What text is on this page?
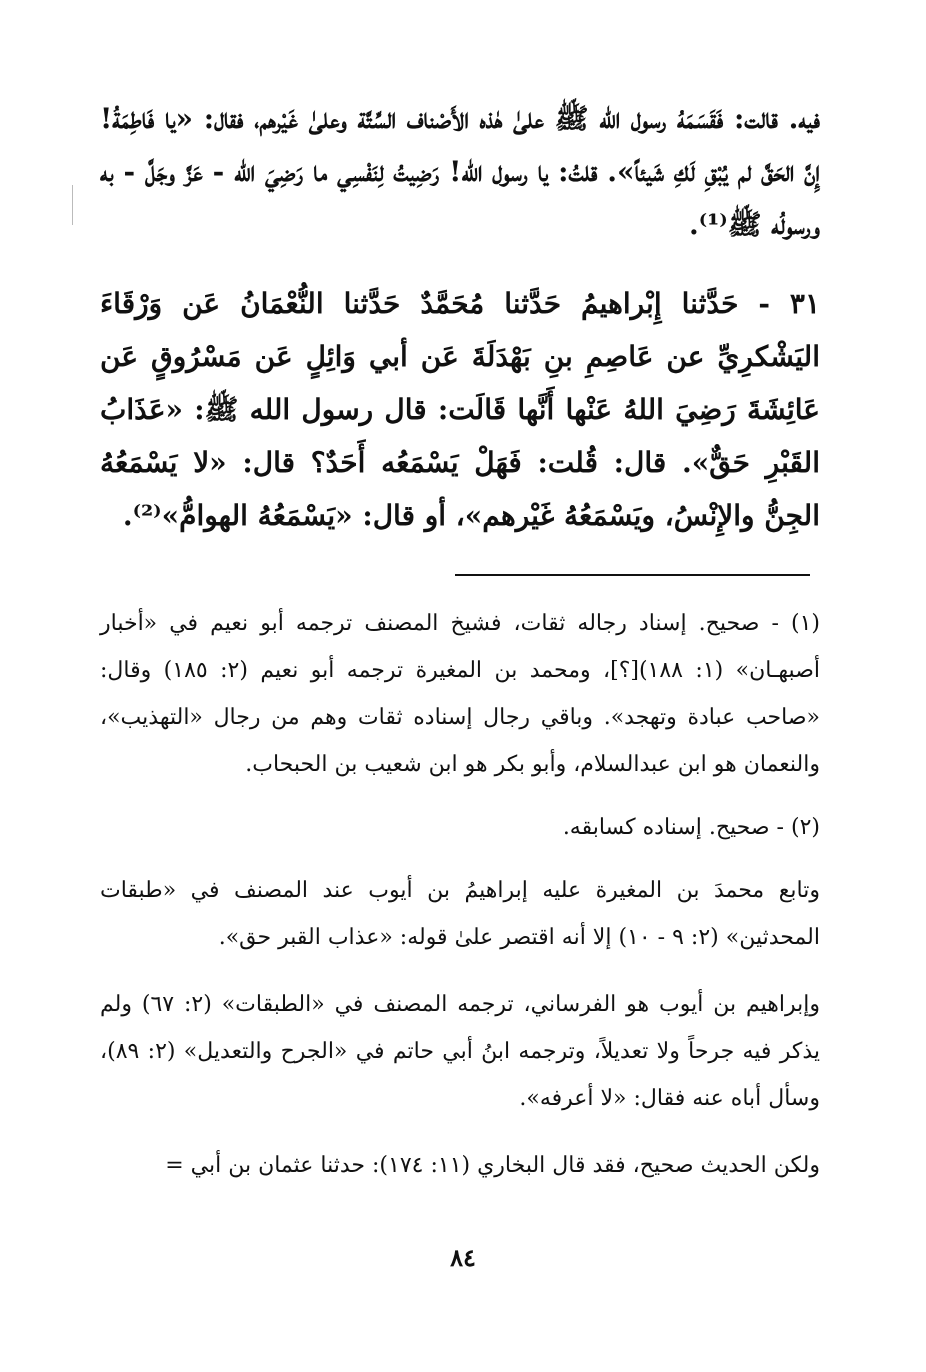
فيه. قالت: فَقَسَمَهُ رسول الله ﷺ علىٰ هٰذه الأَصْناف السِّتَّة وعلىٰ غَيْرهم، فقال: «يا فَاطِمَةُ! إِنَّ الحَقَّ لم يُبْقِ لَكِ شَيئاً». قلتُ: يا رسول الله! رَضِيتُ لِنَفْسِي ما رَضِيَ الله - عَزَّ وجَلَّ - به ورسولُه ﷺ⁽¹⁾.

٣١ - حَدَّثنا إِبْراهيمُ حَدَّثنا مُحَمَّدٌ حَدَّثنا النُّعْمَانُ عَن وَرْقَاءَ اليَشْكرِيِّ عن عَاصِمِ بنِ بَهْدَلَةَ عَن أبي وَائِلٍ عَن مَسْرُوقٍ عَن عَائِشَةَ رَضِيَ اللهُ عَنْها أَنَّها قَالَت: قال رسول الله ﷺ: «عَذَابُ القَبْرِ حَقٌّ». قال: قُلت: فَهَلْ يَسْمَعُه أَحَدٌ؟ قال: «لا يَسْمَعُهُ الجِنُّ والإِنْسُ، ويَسْمَعُهُ غَيْرهم»، أو قال: «يَسْمَعُهُ الهوامُّ»⁽²⁾.

(١) - صحيح. إسناد رجاله ثقات، فشيخ المصنف ترجمه أبو نعيم في «أخبار أصبهـان» (١: ١٨٨)[؟]، ومحمد بن المغيرة ترجمه أبو نعيم (٢: ١٨٥) وقال: «صاحب عبادة وتهجد». وباقي رجال إسناده ثقات وهم من رجال «التهذيب»، والنعمان هو ابن عبدالسلام، وأبو بكر هو ابن شعيب بن الحبحاب.

(٢) - صحيح. إسناده كسابقه.

وتابع محمدَ بن المغيرة عليه إبراهيمُ بن أيوب عند المصنف في «طبقات المحدثين» (٢: ٩ - ١٠) إلا أنه اقتصر علىٰ قوله: «عذاب القبر حق».

وإبراهيم بن أيوب هو الفرساني، ترجمه المصنف في «الطبقات» (٢: ٦٧) ولم يذكر فيه جرحاً ولا تعديلاً، وترجمه ابنُ أبي حاتم في «الجرح والتعديل» (٢: ٨٩)، وسأل أباه عنه فقال: «لا أعرفه».

ولكن الحديث صحيح، فقد قال البخاري (١١: ١٧٤): حدثنا عثمان بن أبي =

٨٤
